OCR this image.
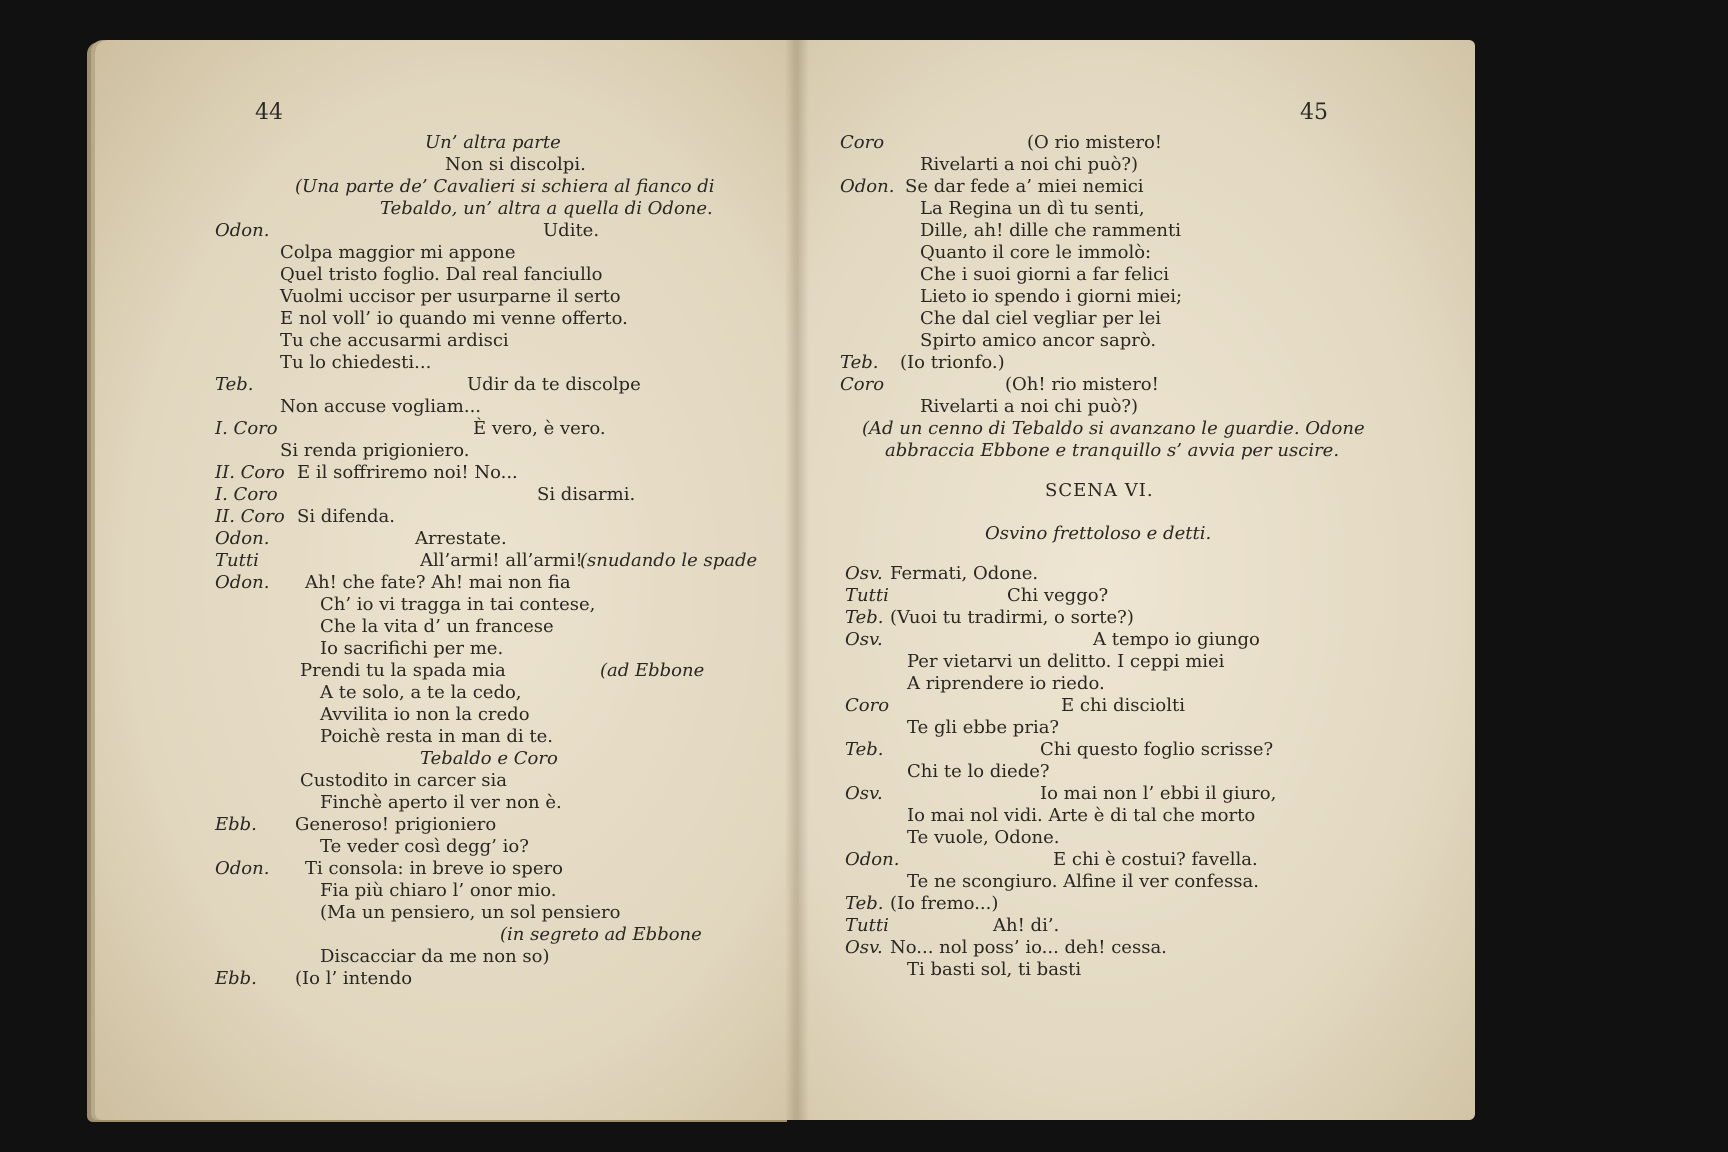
44
Un’ altra parte
Non si discolpi.
(Una parte de’ Cavalieri si schiera al fianco di
Tebaldo, un’ altra a quella di Odone.
Odon.	Udite.
Colpa maggior mi appone
Quel tristo foglio. Dal real fanciullo
Vuolmi uccisor per usurparne il serto
E nol voll’ io quando mi venne offerto.
Tu che accusarmi ardisci
Tu lo chiedesti...
Teb.	Udir da te discolpe
Non accuse vogliam...
I. Coro	È vero, è vero.
Si renda prigioniero.
II. Coro E il soffriremo noi! No...
I. Coro	Si disarmi.
II. Coro Si difenda.
Odon.	Arrestate.
Tutti	All’armi! all’armi!
(snudando le spade
Odon. Ah! che fate? Ah! mai non fia
Ch’ io vi tragga in tai contese,
Che la vita d’ un francese
Io sacrifichi per me.
Prendi tu la spada mia	(ad Ebbone
A te solo, a te la cedo,
Avvilita io non la credo
Poichè resta in man di te.
Tebaldo e Coro
Custodito in carcer sia
Finchè aperto il ver non è.
Ebb. Generoso! prigioniero
Te veder così degg’ io?
Odon. Ti consola: in breve io spero
Fia più chiaro l’ onor mio.
(Ma un pensiero, un sol pensiero
(in segreto ad Ebbone
Discacciar da me non so)
Ebb. (Io l’ intendo
45
Coro	(O rio mistero!
Rivelarti a noi chi può?)
Odon. Se dar fede a’ miei nemici
La Regina un dì tu senti,
Dille, ah! dille che rammenti
Quanto il core le immolò:
Che i suoi giorni a far felici
Lieto io spendo i giorni miei;
Che dal ciel vegliar per lei
Spirto amico ancor saprò.
Teb. (Io trionfo.)
Coro	(Oh! rio mistero!
Rivelarti a noi chi può?)
(Ad un cenno di Tebaldo si avanzano le guardie. Odone
abbraccia Ebbone e tranquillo s’ avvia per uscire.
SCENA VI.
Osvino frettoloso e detti.
Osv. Fermati, Odone.
Tutti	Chi veggo?
Teb. (Vuoi tu tradirmi, o sorte?)
Osv.	A tempo io giungo
Per vietarvi un delitto. I ceppi miei
A riprendere io riedo.
Coro	E chi disciolti
Te gli ebbe pria?
Teb.	Chi questo foglio scrisse?
Chi te lo diede?
Osv.	Io mai non l’ ebbi il giuro,
Io mai nol vidi. Arte è di tal che morto
Te vuole, Odone.
Odon.	E chi è costui? favella.
Te ne scongiuro. Alfine il ver confessa.
Teb. (Io fremo...)
Tutti	Ah! di’.
Osv. No... nol poss’ io... deh! cessa.
Ti basti sol, ti basti
